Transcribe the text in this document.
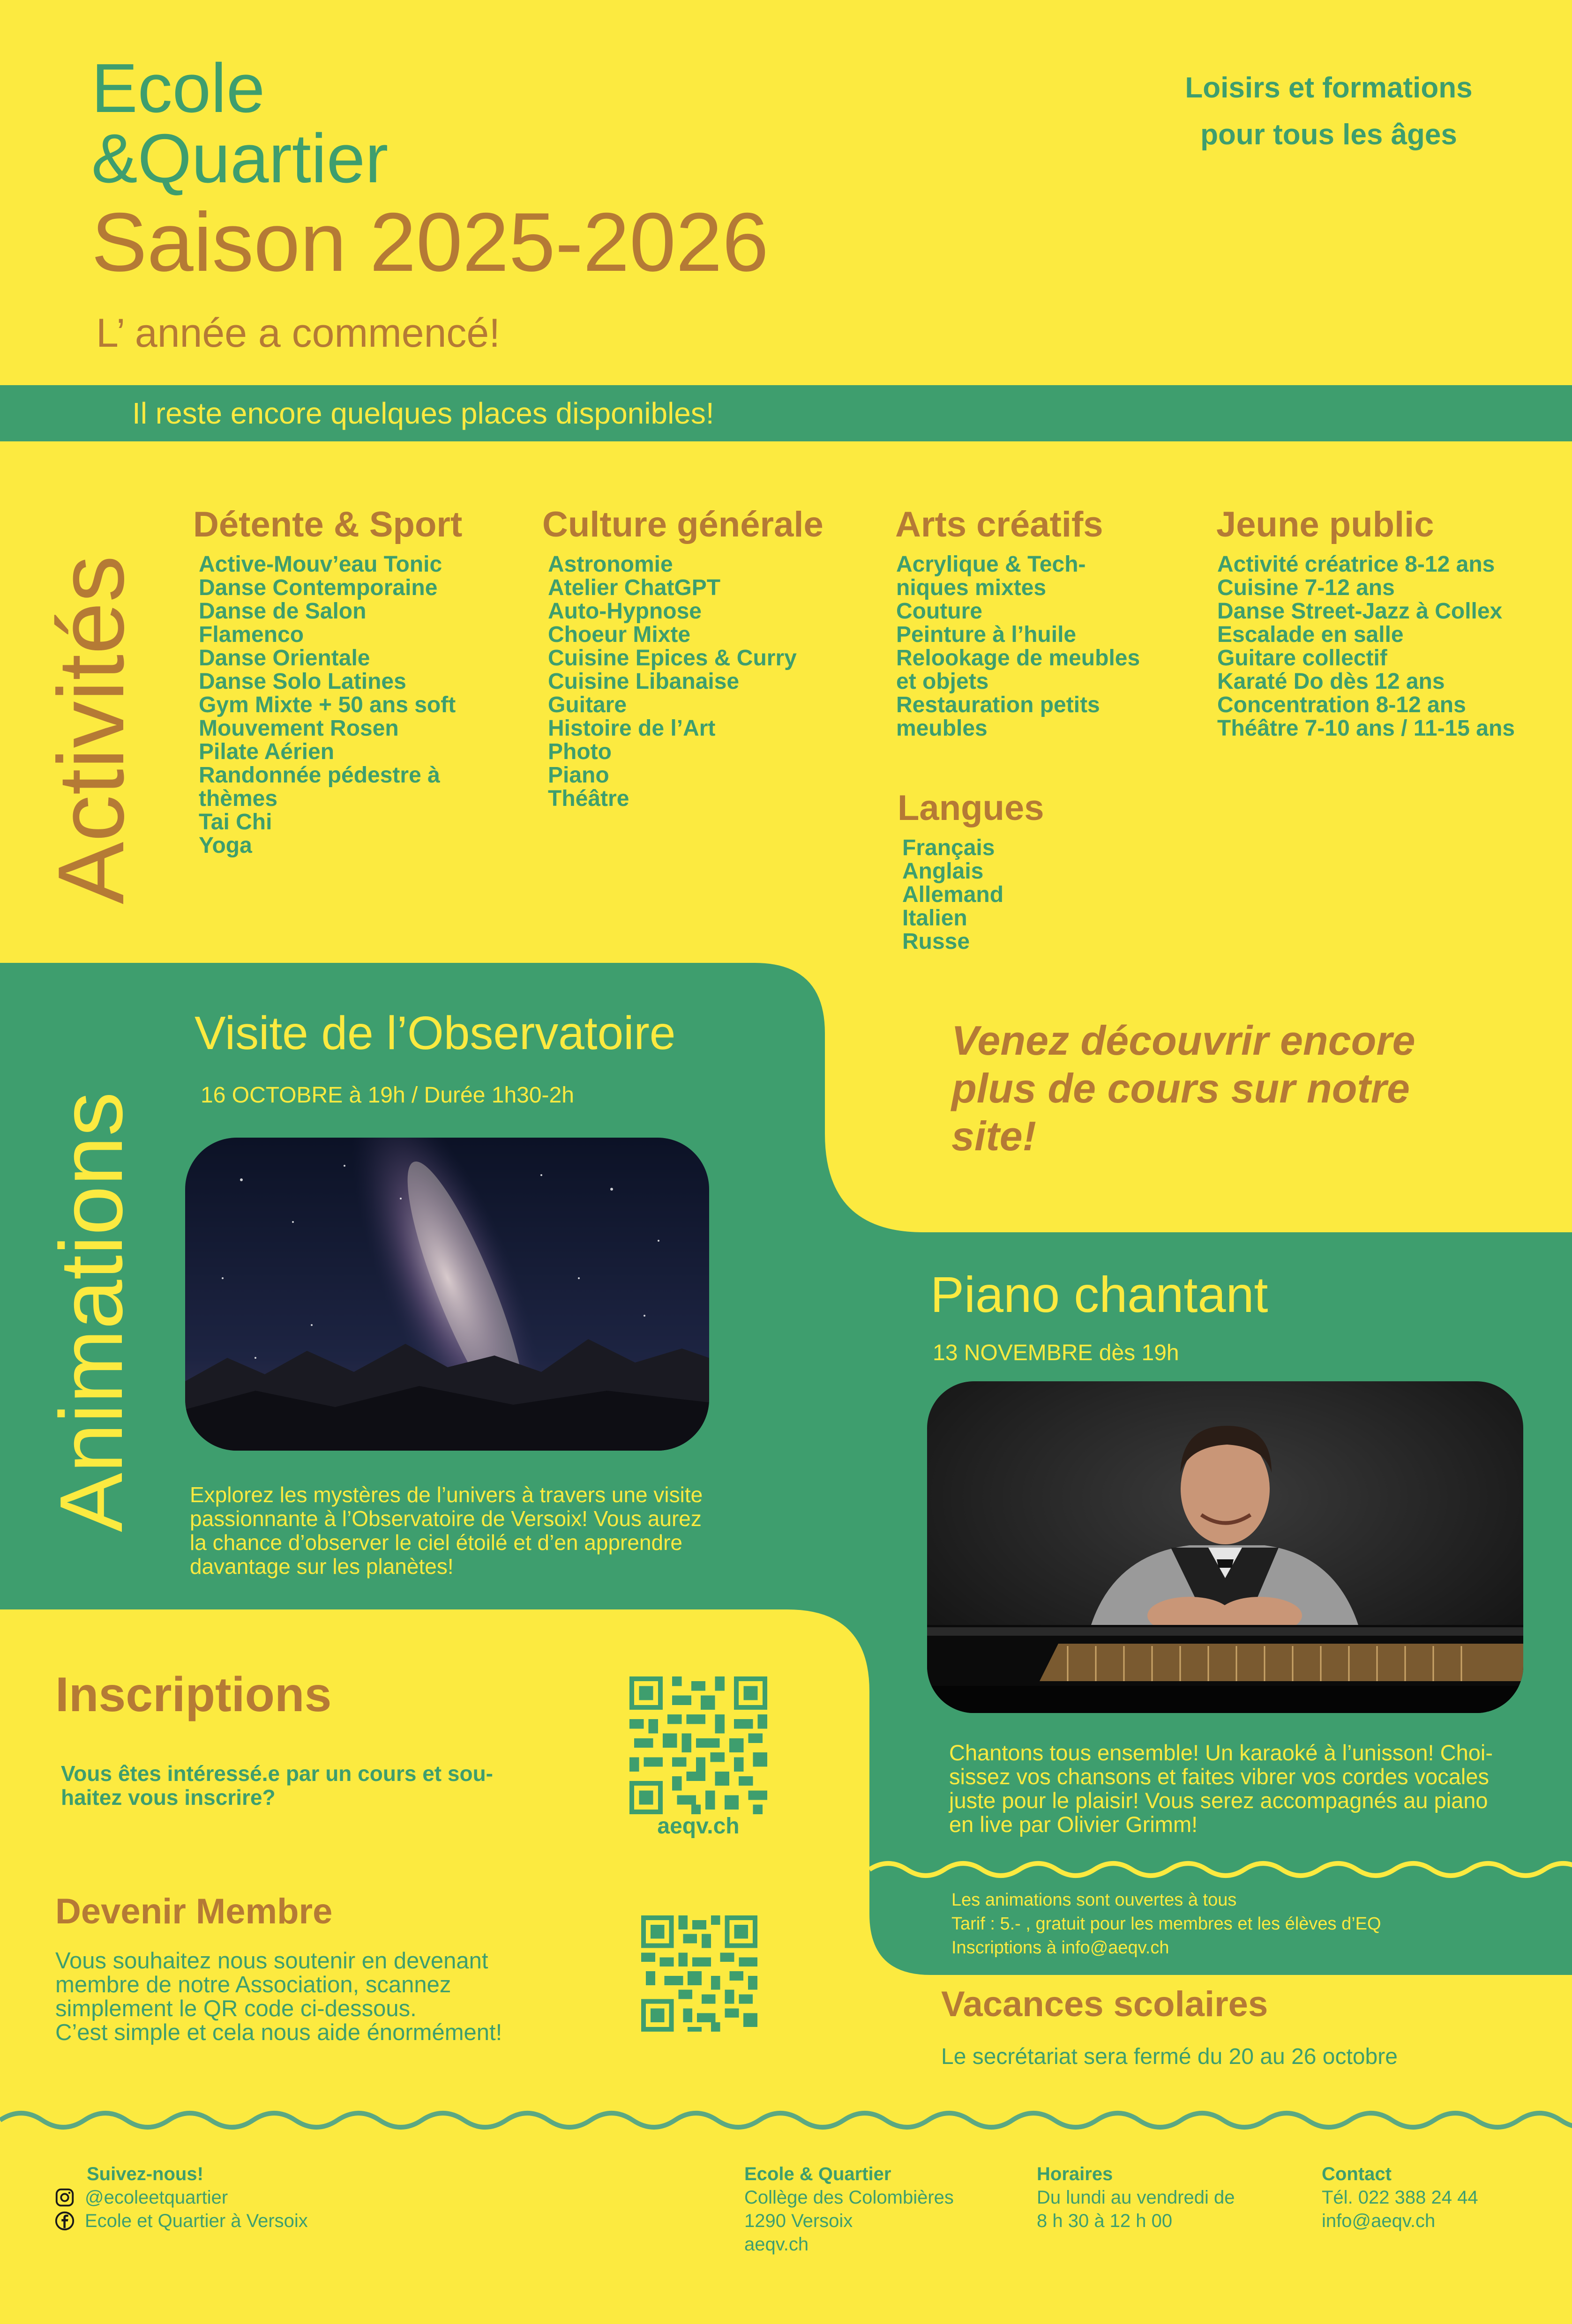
Ecole
&Quartier
Saison 2025-2026
L’ année a commencé!
Loisirs et formations
pour tous les âges
Il reste encore quelques places disponibles!
Activités
Détente & Sport
Active-Mouv’eau Tonic
Danse Contemporaine
Danse de Salon
Flamenco
Danse Orientale
Danse Solo Latines
Gym Mixte + 50 ans soft
Mouvement Rosen
Pilate Aérien
Randonnée pédestre à
thèmes
Tai Chi
Yoga
Culture générale
Astronomie
Atelier ChatGPT
Auto-Hypnose
Choeur Mixte
Cuisine Epices & Curry
Cuisine Libanaise
Guitare
Histoire de l’Art
Photo
Piano
Théâtre
Arts créatifs
Acrylique & Tech-
niques mixtes
Couture
Peinture à l’huile
Relookage de meubles
et objets
Restauration petits
meubles
Jeune public
Activité créatrice 8-12 ans
Cuisine 7-12 ans
Danse Street-Jazz à Collex
Escalade en salle
Guitare collectif
Karaté Do dès 12 ans
Concentration 8-12 ans
Théâtre 7-10 ans / 11-15 ans
Langues
Français
Anglais
Allemand
Italien
Russe
Animations
Visite de l’Observatoire
16 OCTOBRE à 19h / Durée 1h30-2h
Explorez les mystères de l’univers à travers une visite
passionnante à l’Observatoire de Versoix! Vous aurez
la chance d’observer le ciel étoilé et d’en apprendre
davantage sur les planètes!
Venez découvrir encore
plus de cours sur notre
site!
Piano chantant
13 NOVEMBRE dès 19h
Chantons tous ensemble! Un karaoké à l’unisson! Choi-
sissez vos chansons et faites vibrer vos cordes vocales
juste pour le plaisir! Vous serez accompagnés au piano
en live par Olivier Grimm!
Les animations sont ouvertes à tous
Tarif : 5.- , gratuit pour les membres et les élèves d’EQ
Inscriptions à info@aeqv.ch
Inscriptions
Vous êtes intéressé.e par un cours et sou-
haitez vous inscrire?
aeqv.ch
Devenir Membre
Vous souhaitez nous soutenir en devenant
membre de notre Association, scannez
simplement le QR code ci-dessous.
C’est simple et cela nous aide énormément!
Vacances scolaires
Le secrétariat sera fermé du 20 au 26 octobre
Suivez-nous!
@ecoleetquartier
Ecole et Quartier à Versoix
Ecole & Quartier
Collège des Colombières
1290 Versoix
aeqv.ch
Horaires
Du lundi au vendredi de
8 h 30 à 12 h 00
Contact
Tél. 022 388 24 44
info@aeqv.ch
